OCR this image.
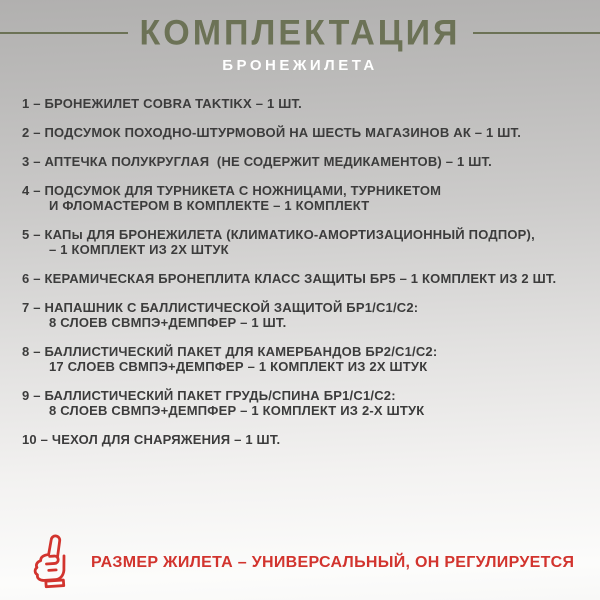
КОМПЛЕКТАЦИЯ
БРОНЕЖИЛЕТА
1 – БРОНЕЖИЛЕТ COBRA TAKTIKX – 1 ШТ.
2 – ПОДСУМОК ПОХОДНО-ШТУРМОВОЙ НА ШЕСТЬ МАГАЗИНОВ АК – 1 ШТ.
3 – АПТЕЧКА ПОЛУКРУГЛАЯ  (НЕ СОДЕРЖИТ МЕДИКАМЕНТОВ) – 1 ШТ.
4 – ПОДСУМОК ДЛЯ ТУРНИКЕТА С НОЖНИЦАМИ, ТУРНИКЕТОМ
И ФЛОМАСТЕРОМ В КОМПЛЕКТЕ – 1 КОМПЛЕКТ
5 – КАПы ДЛЯ БРОНЕЖИЛЕТА (КЛИМАТИКО-АМОРТИЗАЦИОННЫЙ ПОДПОР),
– 1 КОМПЛЕКТ ИЗ 2Х ШТУК
6 – КЕРАМИЧЕСКАЯ БРОНЕПЛИТА КЛАСС ЗАЩИТЫ БР5 – 1 КОМПЛЕКТ ИЗ 2 ШТ.
7 – НАПАШНИК С БАЛЛИСТИЧЕСКОЙ ЗАЩИТОЙ БР1/С1/С2:
8 СЛОЕВ СВМПЭ+ДЕМПФЕР – 1 ШТ.
8 – БАЛЛИСТИЧЕСКИЙ ПАКЕТ ДЛЯ КАМЕРБАНДОВ БР2/С1/С2:
17 СЛОЕВ СВМПЭ+ДЕМПФЕР – 1 КОМПЛЕКТ ИЗ 2Х ШТУК
9 – БАЛЛИСТИЧЕСКИЙ ПАКЕТ ГРУДЬ/СПИНА БР1/С1/С2:
8 СЛОЕВ СВМПЭ+ДЕМПФЕР – 1 КОМПЛЕКТ ИЗ 2-Х ШТУК
10 – ЧЕХОЛ ДЛЯ СНАРЯЖЕНИЯ – 1 ШТ.
РАЗМЕР ЖИЛЕТА – УНИВЕРСАЛЬНЫЙ, ОН РЕГУЛИРУЕТСЯ
